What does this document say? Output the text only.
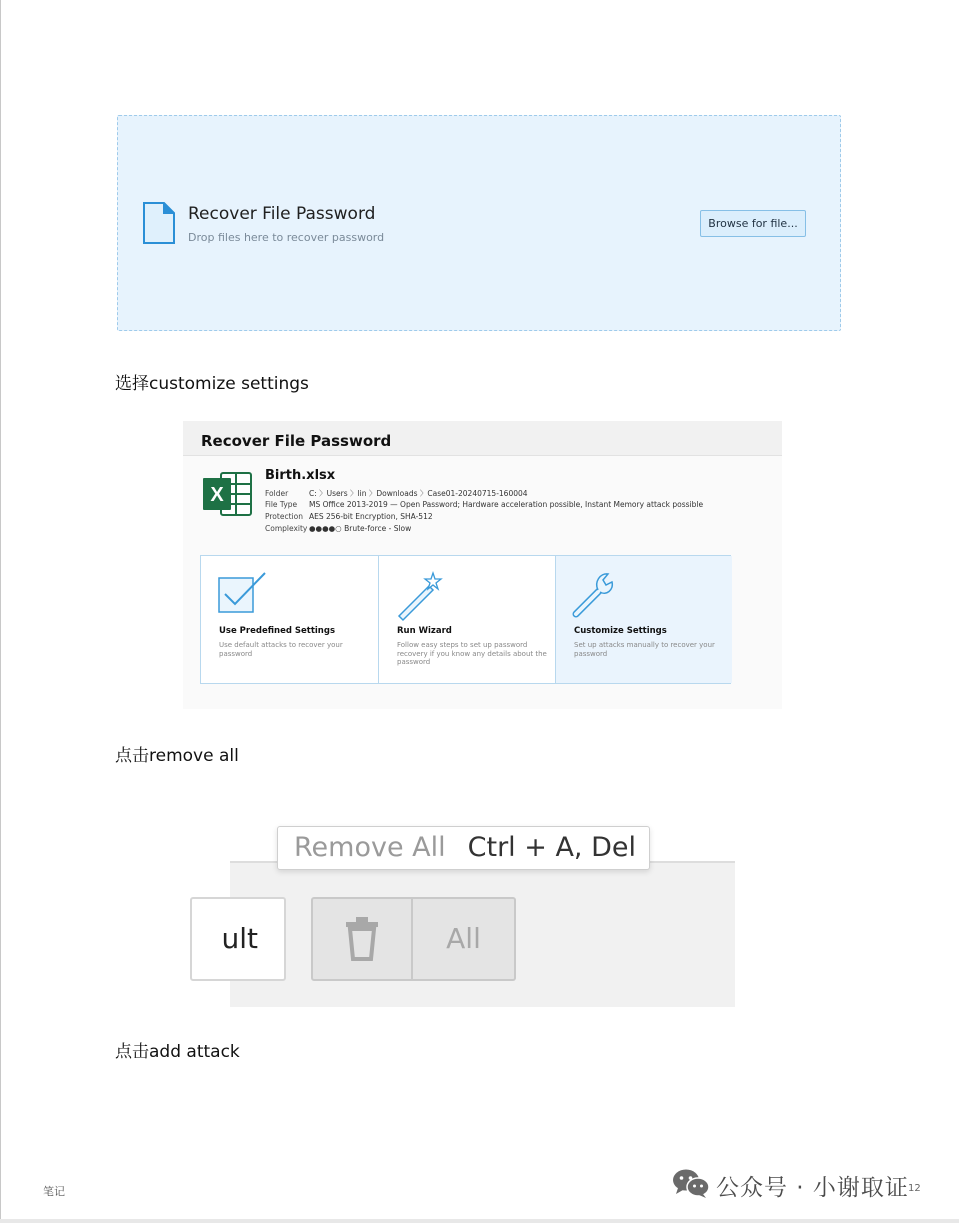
Recover File Password
Drop files here to recover password
Browse for file...
选择customize settings
Recover File Password
X
Birth.xlsx
Folder	C: 〉Users 〉lin 〉Downloads 〉Case01-20240715-160004
File Type MS Office 2013-2019 — Open Password; Hardware acceleration possible, Instant Memory attack possible
Protection AES 256-bit Encryption, SHA-512
Complexity ●●●●○ Brute-force - Slow
Use Predefined Settings
Use default attacks to recover your password
Run Wizard
Follow easy steps to set up password recovery if you know any details about the password
Customize Settings
Set up attacks manually to recover your password
点击remove all
ult	All
Remove All Ctrl + A, Del
点击add attack
笔记	公众号 · 小谢取证 12
